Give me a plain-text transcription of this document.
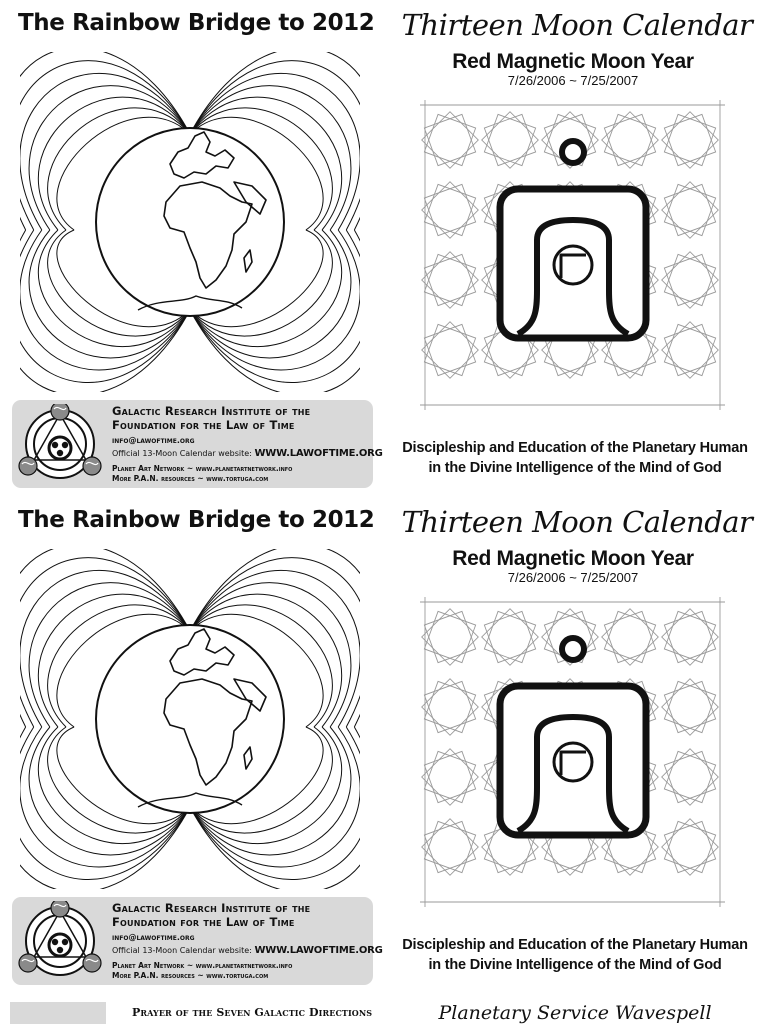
The Rainbow Bridge to 2012 Thirteen Moon Calendar
Red Magnetic Moon Year
7/26/2006 ~ 7/25/2007
Discipleship and Education of the Planetary Human
in the Divine Intelligence of the Mind of God
Galactic Research Institute of the
Foundation for the Law of Time
info@lawoftime.org
Official 13-Moon Calendar website: WWW.LAWOFTIME.ORG
Planet Art Network ~ www.planetartnetwork.info
More P.A.N. resources ~ www.tortuga.com
The Rainbow Bridge to 2012 Thirteen Moon Calendar
Red Magnetic Moon Year
7/26/2006 ~ 7/25/2007
Discipleship and Education of the Planetary Human
in the Divine Intelligence of the Mind of God
Galactic Research Institute of the
Foundation for the Law of Time
info@lawoftime.org
Official 13-Moon Calendar website: WWW.LAWOFTIME.ORG
Planet Art Network ~ www.planetartnetwork.info
More P.A.N. resources ~ www.tortuga.com
Prayer of the Seven Galactic Directions	Planetary Service Wavespell
